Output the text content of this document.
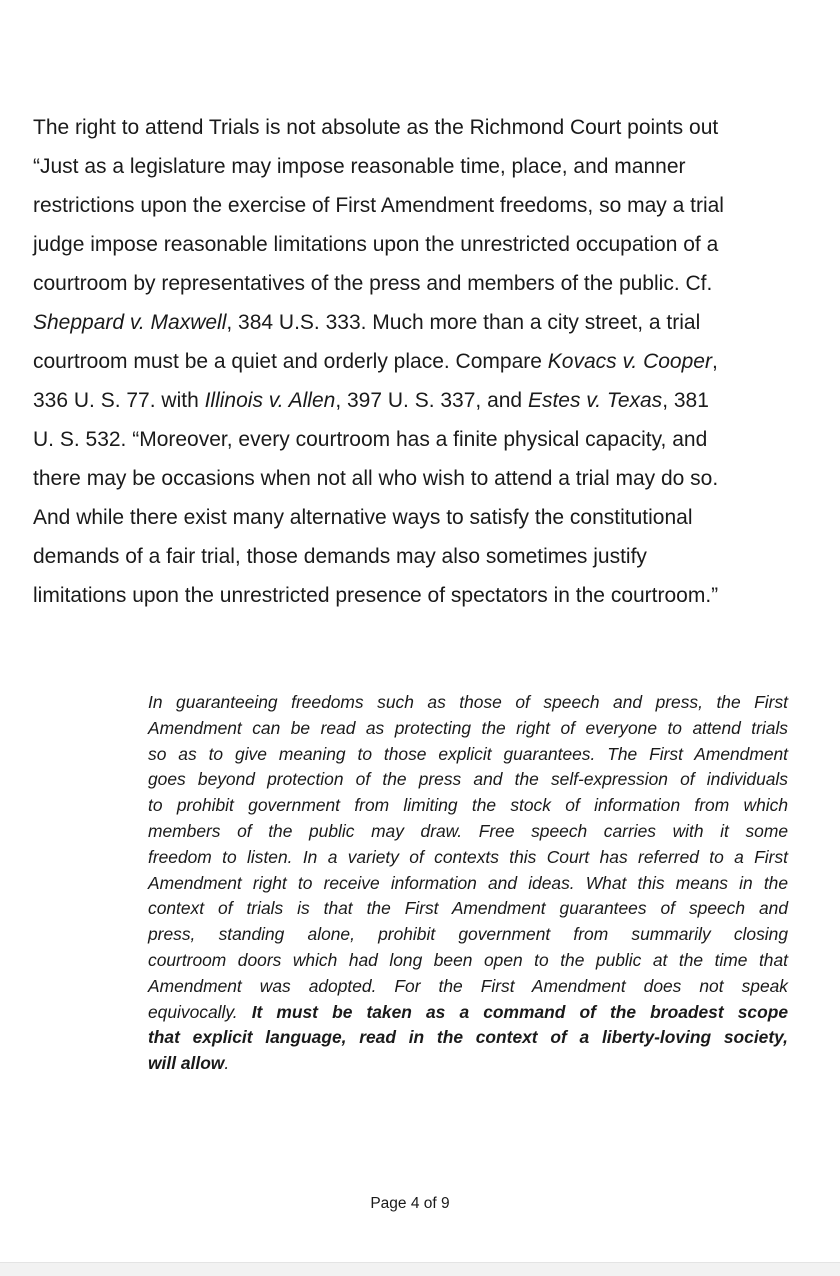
The right to attend Trials is not absolute as the Richmond Court points out
“Just as a legislature may impose reasonable time, place, and manner
restrictions upon the exercise of First Amendment freedoms, so may a trial
judge impose reasonable limitations upon the unrestricted occupation of a
courtroom by representatives of the press and members of the public. Cf.
Sheppard v. Maxwell, 384 U.S. 333. Much more than a city street, a trial
courtroom must be a quiet and orderly place. Compare Kovacs v. Cooper,
336 U. S. 77. with Illinois v. Allen, 397 U. S. 337, and Estes v. Texas, 381
U. S. 532. “Moreover, every courtroom has a finite physical capacity, and
there may be occasions when not all who wish to attend a trial may do so.
And while there exist many alternative ways to satisfy the constitutional
demands of a fair trial, those demands may also sometimes justify
limitations upon the unrestricted presence of spectators in the courtroom.”

In guaranteeing freedoms such as those of speech and press, the First
Amendment can be read as protecting the right of everyone to attend trials
so as to give meaning to those explicit guarantees. The First Amendment
goes beyond protection of the press and the self-expression of individuals
to prohibit government from limiting the stock of information from which
members of the public may draw. Free speech carries with it some
freedom to listen. In a variety of contexts this Court has referred to a First
Amendment right to receive information and ideas. What this means in the
context of trials is that the First Amendment guarantees of speech and
press, standing alone, prohibit government from summarily closing
courtroom doors which had long been open to the public at the time that
Amendment was adopted. For the First Amendment does not speak
equivocally. It must be taken as a command of the broadest scope
that explicit language, read in the context of a liberty-loving society,
will allow.
Page 4 of 9
